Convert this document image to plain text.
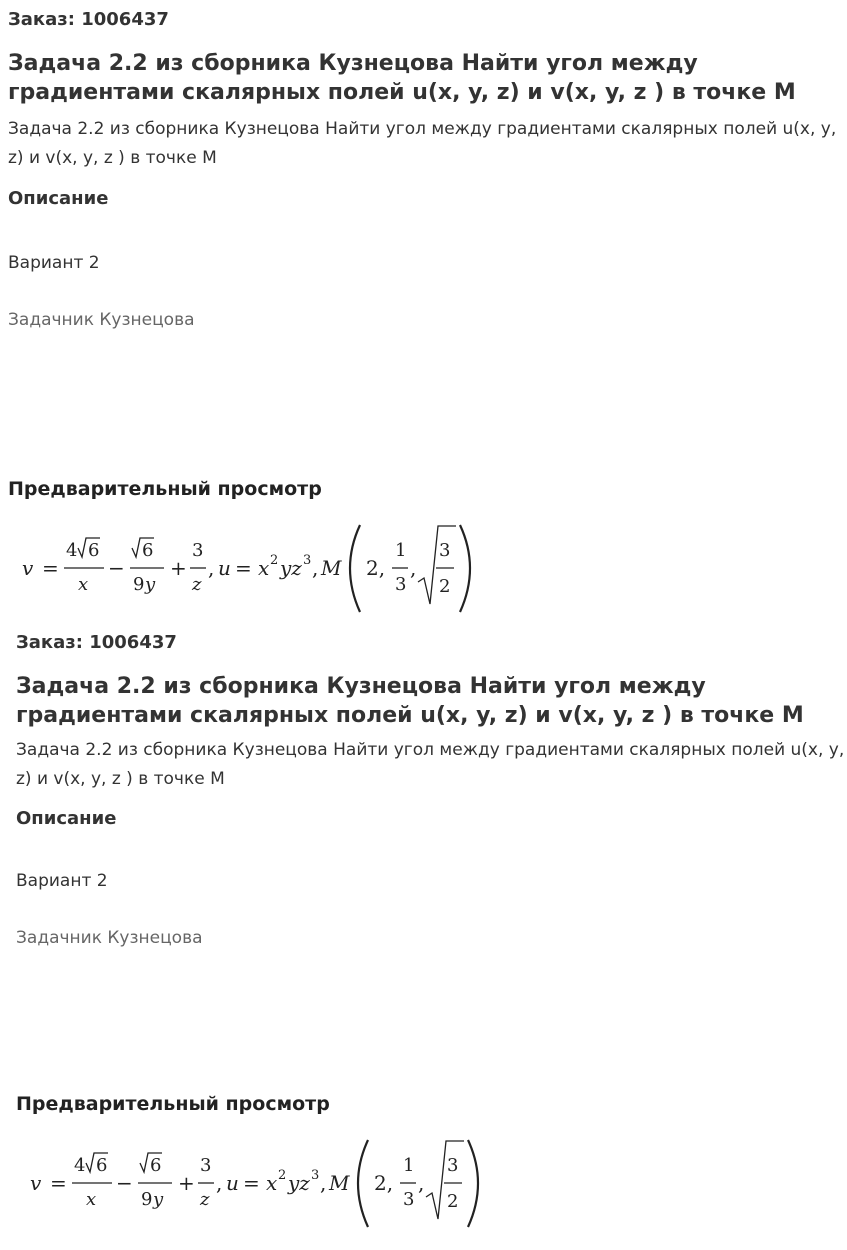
Заказ: 1006437

Задача 2.2 из сборника Кузнецова Найти угол между градиентами скалярных полей u(x, y, z) и v(x, y, z ) в точке M

Задача 2.2 из сборника Кузнецова Найти угол между градиентами скалярных полей u(x, y, z) и v(x, y, z ) в точке M

Описание

Вариант 2

Задачник Кузнецова

Предварительный просмотр
v =
4 6
x
−
6
9 y
+
3
z
, u = x 2 yz 3 , M 2,
1
3
,
3
2

Заказ: 1006437

Задача 2.2 из сборника Кузнецова Найти угол между градиентами скалярных полей u(x, y, z) и v(x, y, z ) в точке M

Задача 2.2 из сборника Кузнецова Найти угол между градиентами скалярных полей u(x, y, z) и v(x, y, z ) в точке M

Описание

Вариант 2

Задачник Кузнецова

Предварительный просмотр
v =
4 6
x
−
6
9 y
+
3
z
, u = x 2 yz 3 , M 2,
1
3
,
3
2
